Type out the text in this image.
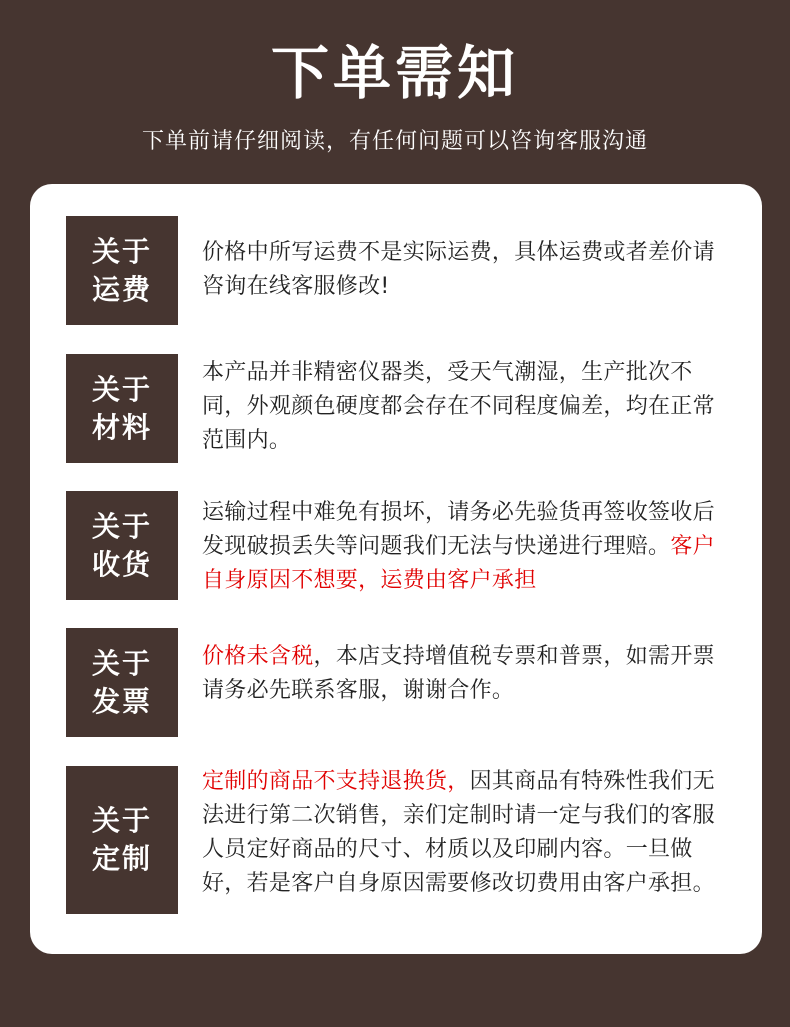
下单需知
下单前请仔细阅读，有任何问题可以咨询客服沟通
关于
运费
价格中所写运费不是实际运费，具体运费或者差价请咨询在线客服修改!
关于
材料
本产品并非精密仪器类，受天气潮湿，生产批次不同，外观颜色硬度都会存在不同程度偏差，均在正常范围内。
关于
收货
运输过程中难免有损坏，请务必先验货再签收签收后发现破损丢失等问题我们无法与快递进行理赔。客户自身原因不想要，运费由客户承担
关于
发票
价格未含税，本店支持增值税专票和普票，如需开票请务必先联系客服，谢谢合作。
关于
定制
定制的商品不支持退换货，因其商品有特殊性我们无法进行第二次销售，亲们定制时请一定与我们的客服人员定好商品的尺寸、材质以及印刷内容。一旦做好，若是客户自身原因需要修改切费用由客户承担。
